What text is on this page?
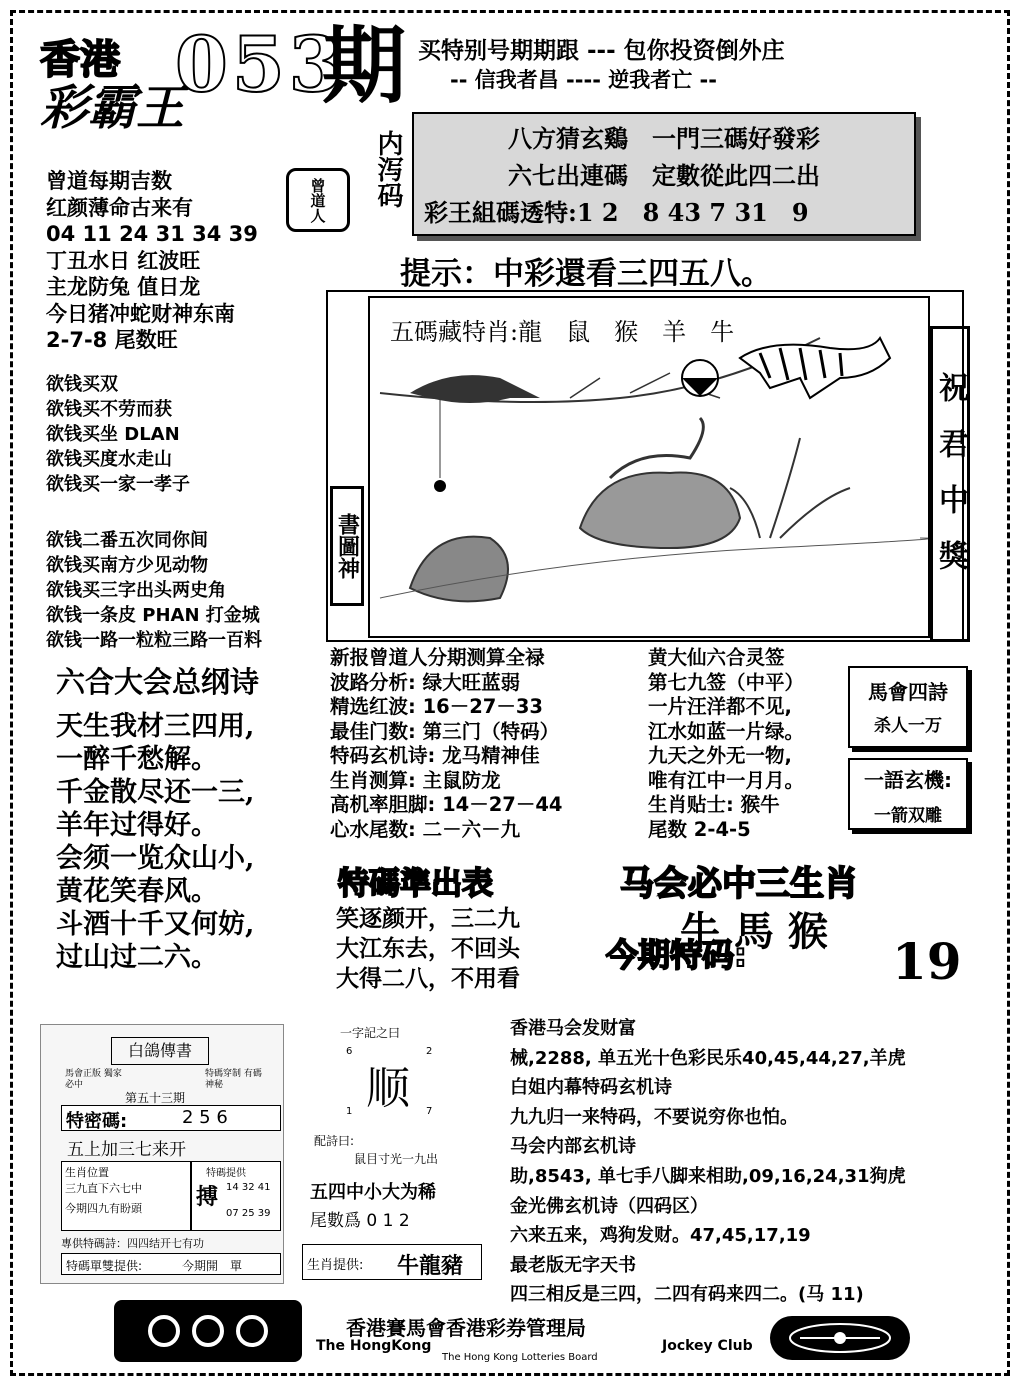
香港
彩霸王
053
期 买特别号期期跟 --- 包你投资倒外庄
-- 信我者昌 ---- 逆我者亡 --
曾道每期吉数
红颜薄命古来有
04 11 24 31 34 39
丁丑水日 红波旺
主龙防兔 值日龙
今日猪冲蛇财神东南
2-7-8 尾数旺
欲钱买双
欲钱买不劳而获
欲钱买坐 DLAN
欲钱买度水走山
欲钱买一家一孝子
欲钱二番五次同你间
欲钱买南方少见动物
欲钱买三字出头两史角
欲钱一条皮 PHAN 打金城
欲钱一路一粒粒三路一百料
曾道人 内泻码	八方猜玄鷄　一門三碼好發彩
六七出連碼　定數從此四二出
彩王組碼透特:1 2　8 43 7 31　9
提示：中彩還看三四五八。
五碼藏特肖:龍　鼠　猴　羊　牛
書圖神	祝君中獎
六合大会总纲诗
天生我材三四用,
一醉千愁解。
千金散尽还一三,
羊年过得好。
会须一览众山小,
黄花笑春风。
斗酒十千又何妨,
过山过二六。
新报曾道人分期测算全禄
波路分析: 绿大旺蓝弱
精选红波: 16－27－33
最佳门数: 第三门（特码）
特码玄机诗: 龙马精神佳
生肖测算: 主鼠防龙
高机率胆脚: 14－27－44
心水尾数: 二－六－九
黄大仙六合灵签
第七九签（中平）
一片汪洋都不见,
江水如蓝一片绿。
九天之外无一物,
唯有江中一月月。
生肖贴士: 猴牛
尾数 2-4-5
馬會四詩
杀人一万
一語玄機:
一箭双雕
特碼準出表
笑逐颜开，三二九
大江东去，不回头
大得二八，不用看
马会必中三生肖
牛 馬 猴
今期特码:	19
白鴿傳書
馬會正版 獨家必中
特碼穿制 有碼神秘
第五十三期
特密碼:	2 5 6
五上加三七来开
生肖位置
三九直下六七中
今期四九有盼頭
特碼提供
搏 14 32 41
07 25 39
專供特碼詩：四四结开七有功
特碼單雙提供:	今期開　單
一字記之曰
6	2
顺
1	7
配詩曰:
鼠目寸光一九出
五四中小大为稀
尾數爲 0 1 2
生肖提供: 牛龍豬
香港马会发财富
械,2288, 单五光十色彩民乐40,45,44,27,羊虎
白姐内幕特码玄机诗
九九归一来特码，不要说穷你也怕。
马会内部玄机诗
助,8543, 单七手八脚来相助,09,16,24,31狗虎
金光佛玄机诗（四码区）
六来五来，鸡狗发财。47,45,17,19
最老版无字天书
四三相反是三四，二四有码来四二。(马 11)
香港賽馬會香港彩券管理局
The HongKong	Jockey Club
The Hong Kong Lotteries Board
